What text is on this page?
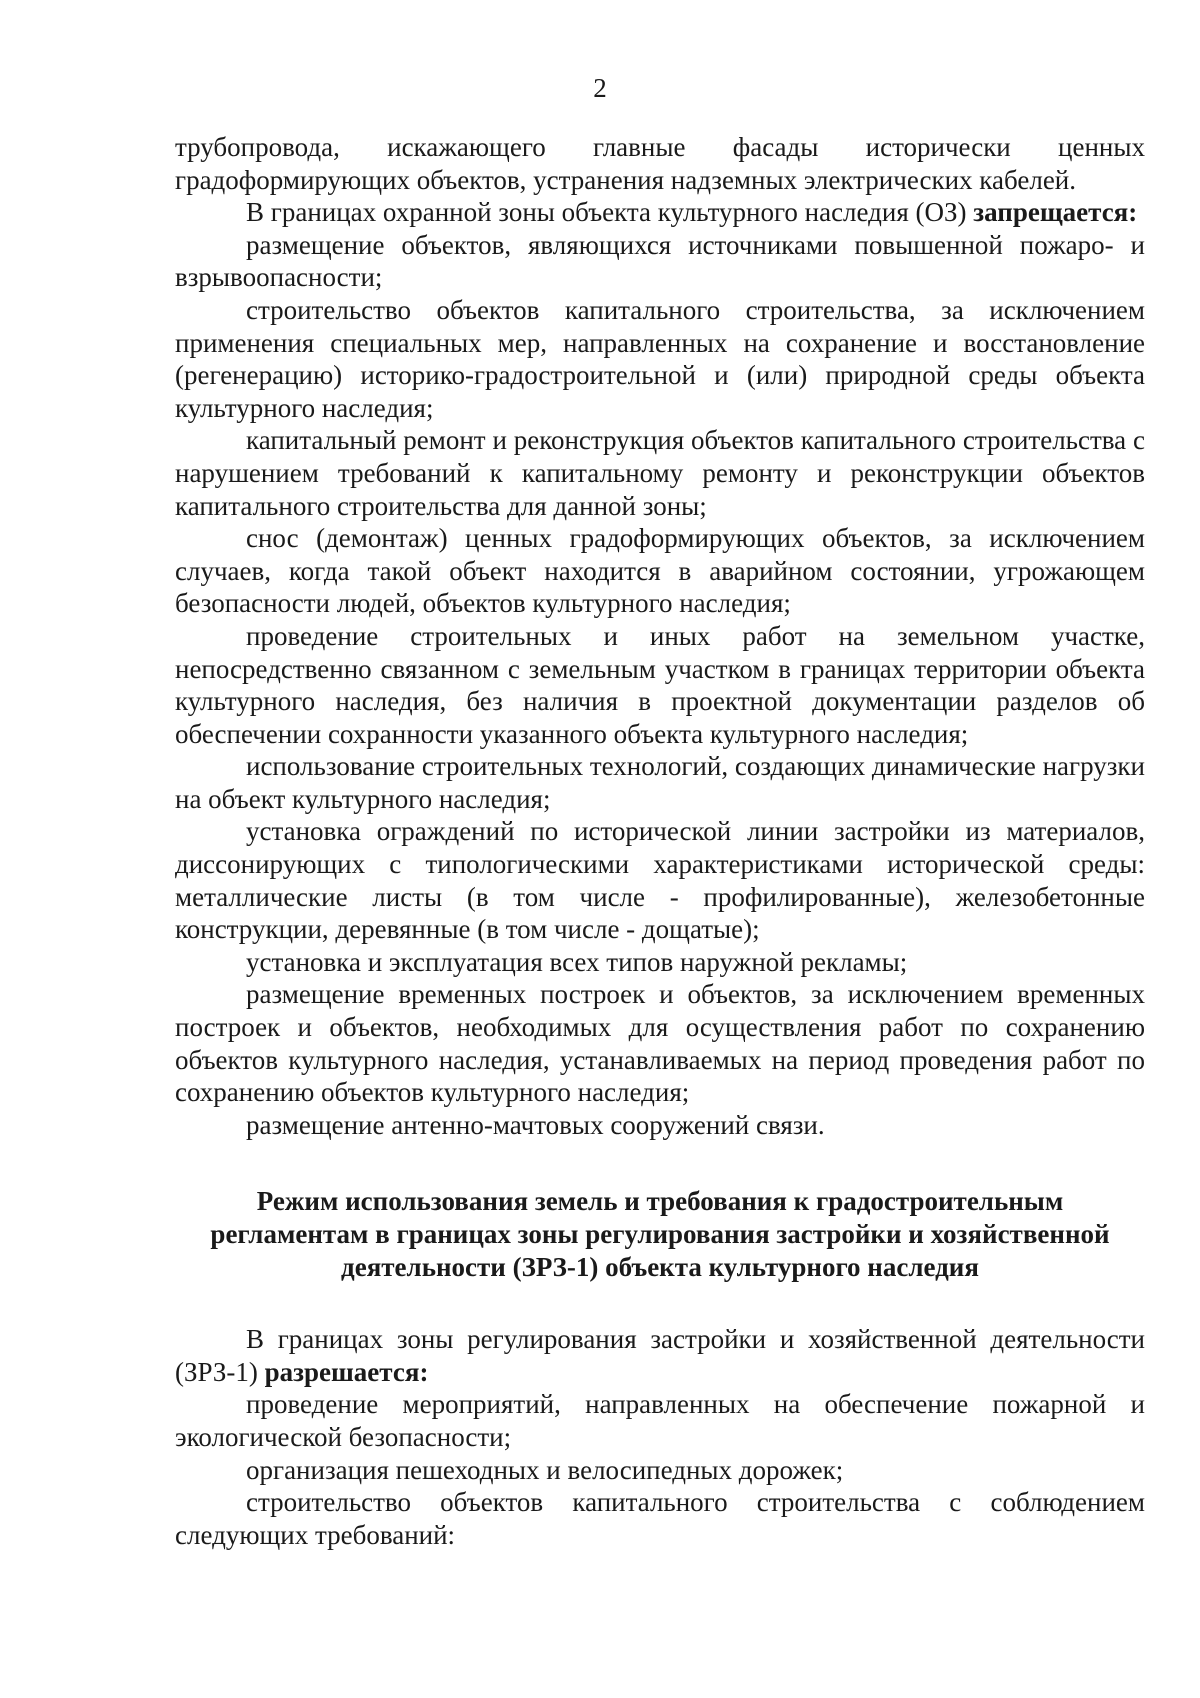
2
трубопровода, искажающего главные фасады исторически ценных градоформирующих объектов, устранения надземных электрических кабелей.
В границах охранной зоны объекта культурного наследия (ОЗ) запрещается:
размещение объектов, являющихся источниками повышенной пожаро- и взрывоопасности;
строительство объектов капитального строительства, за исключением применения специальных мер, направленных на сохранение и восстановление (регенерацию) историко-градостроительной и (или) природной среды объекта культурного наследия;
капитальный ремонт и реконструкция объектов капитального строительства с нарушением требований к капитальному ремонту и реконструкции объектов капитального строительства для данной зоны;
снос (демонтаж) ценных градоформирующих объектов, за исключением случаев, когда такой объект находится в аварийном состоянии, угрожающем безопасности людей, объектов культурного наследия;
проведение строительных и иных работ на земельном участке, непосредственно связанном с земельным участком в границах территории объекта культурного наследия, без наличия в проектной документации разделов об обеспечении сохранности указанного объекта культурного наследия;
использование строительных технологий, создающих динамические нагрузки на объект культурного наследия;
установка ограждений по исторической линии застройки из материалов, диссонирующих с типологическими характеристиками исторической среды: металлические листы (в том числе - профилированные), железобетонные конструкции, деревянные (в том числе - дощатые);
установка и эксплуатация всех типов наружной рекламы;
размещение временных построек и объектов, за исключением временных построек и объектов, необходимых для осуществления работ по сохранению объектов культурного наследия, устанавливаемых на период проведения работ по сохранению объектов культурного наследия;
размещение антенно-мачтовых сооружений связи.
Режим использования земель и требования к градостроительным регламентам в границах зоны регулирования застройки и хозяйственной деятельности (ЗРЗ-1) объекта культурного наследия
В границах зоны регулирования застройки и хозяйственной деятельности (ЗРЗ-1) разрешается:
проведение мероприятий, направленных на обеспечение пожарной и экологической безопасности;
организация пешеходных и велосипедных дорожек;
строительство объектов капитального строительства с соблюдением следующих требований:
